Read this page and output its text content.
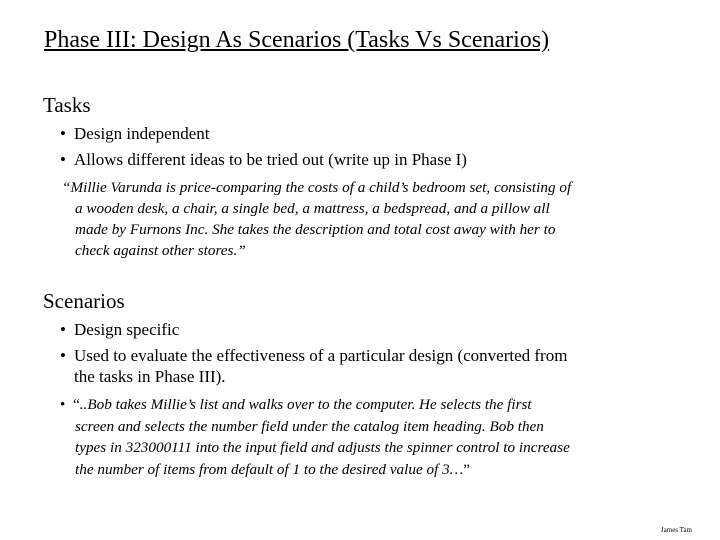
Phase III: Design As Scenarios (Tasks Vs Scenarios)
Tasks
• Design independent
• Allows different ideas to be tried out (write up in Phase I)
“Millie Varunda is price-comparing the costs of a child’s bedroom set, consisting of
a wooden desk, a chair, a single bed, a mattress, a bedspread, and a pillow all
made by Furnons Inc. She takes the description and total cost away with her to
check against other stores.”
Scenarios
• Design specific
• Used to evaluate the effectiveness of a particular design (converted from
the tasks in Phase III).
• “..Bob takes Millie’s list and walks over to the computer. He selects the first
screen and selects the number field under the catalog item heading. Bob then
types in 323000111 into the input field and adjusts the spinner control to increase
the number of items from default of 1 to the desired value of 3…”
James Tam
